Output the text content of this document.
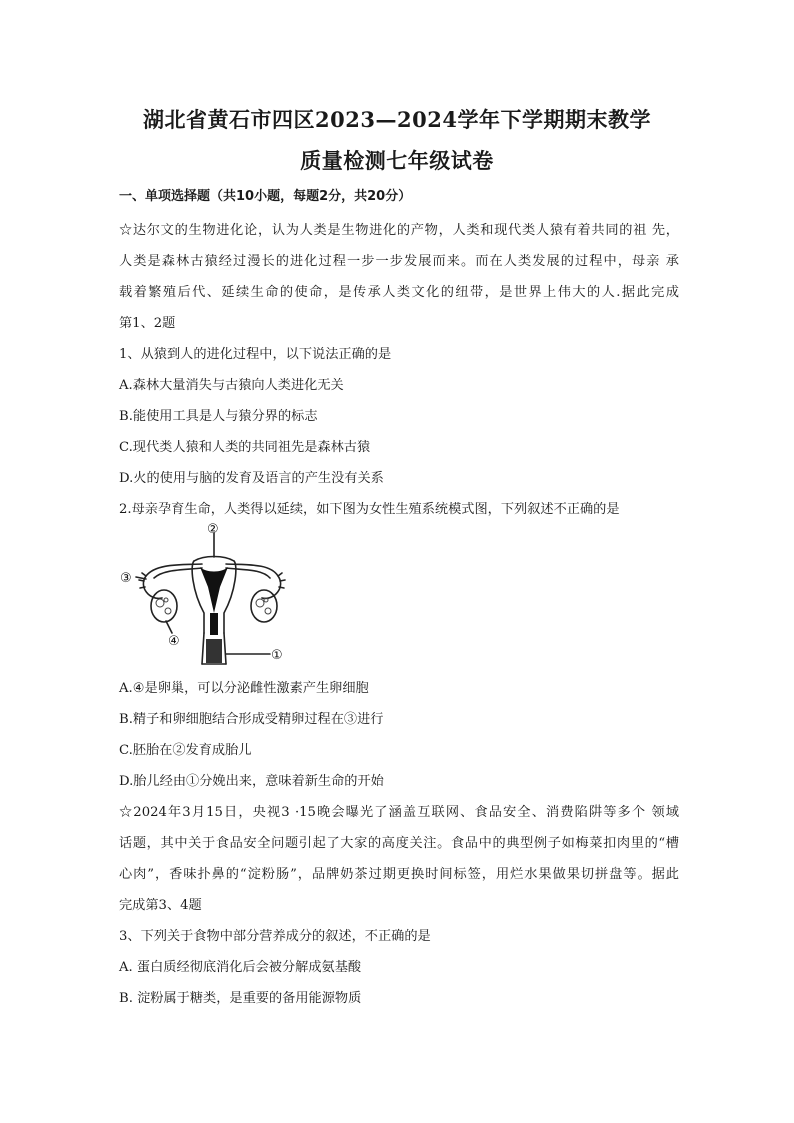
湖北省黄石市四区2023—2024学年下学期期末教学
质量检测七年级试卷
一、单项选择题（共10小题，每题2分，共20分）
☆达尔文的生物进化论，认为人类是生物进化的产物，人类和现代类人猿有着共同的祖 先，
人类是森林古猿经过漫长的进化过程一步一步发展而来。而在人类发展的过程中，母亲 承
载着繁殖后代、延续生命的使命，是传承人类文化的纽带，是世界上伟大的人.据此完成
第1、2题
1、从猿到人的进化过程中，以下说法正确的是
A.森林大量消失与古猿向人类进化无关
B.能使用工具是人与猿分界的标志
C.现代类人猿和人类的共同祖先是森林古猿
D.火的使用与脑的发育及语言的产生没有关系
2.母亲孕育生命，人类得以延续，如下图为女性生殖系统模式图，下列叙述不正确的是
②
③
④
①
A.④是卵巢，可以分泌雌性激素产生卵细胞
B.精子和卵细胞结合形成受精卵过程在③进行
C.胚胎在②发育成胎儿
D.胎儿经由①分娩出来，意味着新生命的开始
☆2024年3月15日，央视3 ·15晚会曝光了涵盖互联网、食品安全、消费陷阱等多个 领域
话题，其中关于食品安全问题引起了大家的高度关注。食品中的典型例子如梅菜扣肉里的“槽
心肉”，香味扑鼻的“淀粉肠”，品牌奶茶过期更换时间标签，用烂水果做果切拼盘等。据此
完成第3、4题
3、下列关于食物中部分营养成分的叙述，不正确的是
A. 蛋白质经彻底消化后会被分解成氨基酸
B. 淀粉属于糖类，是重要的备用能源物质
